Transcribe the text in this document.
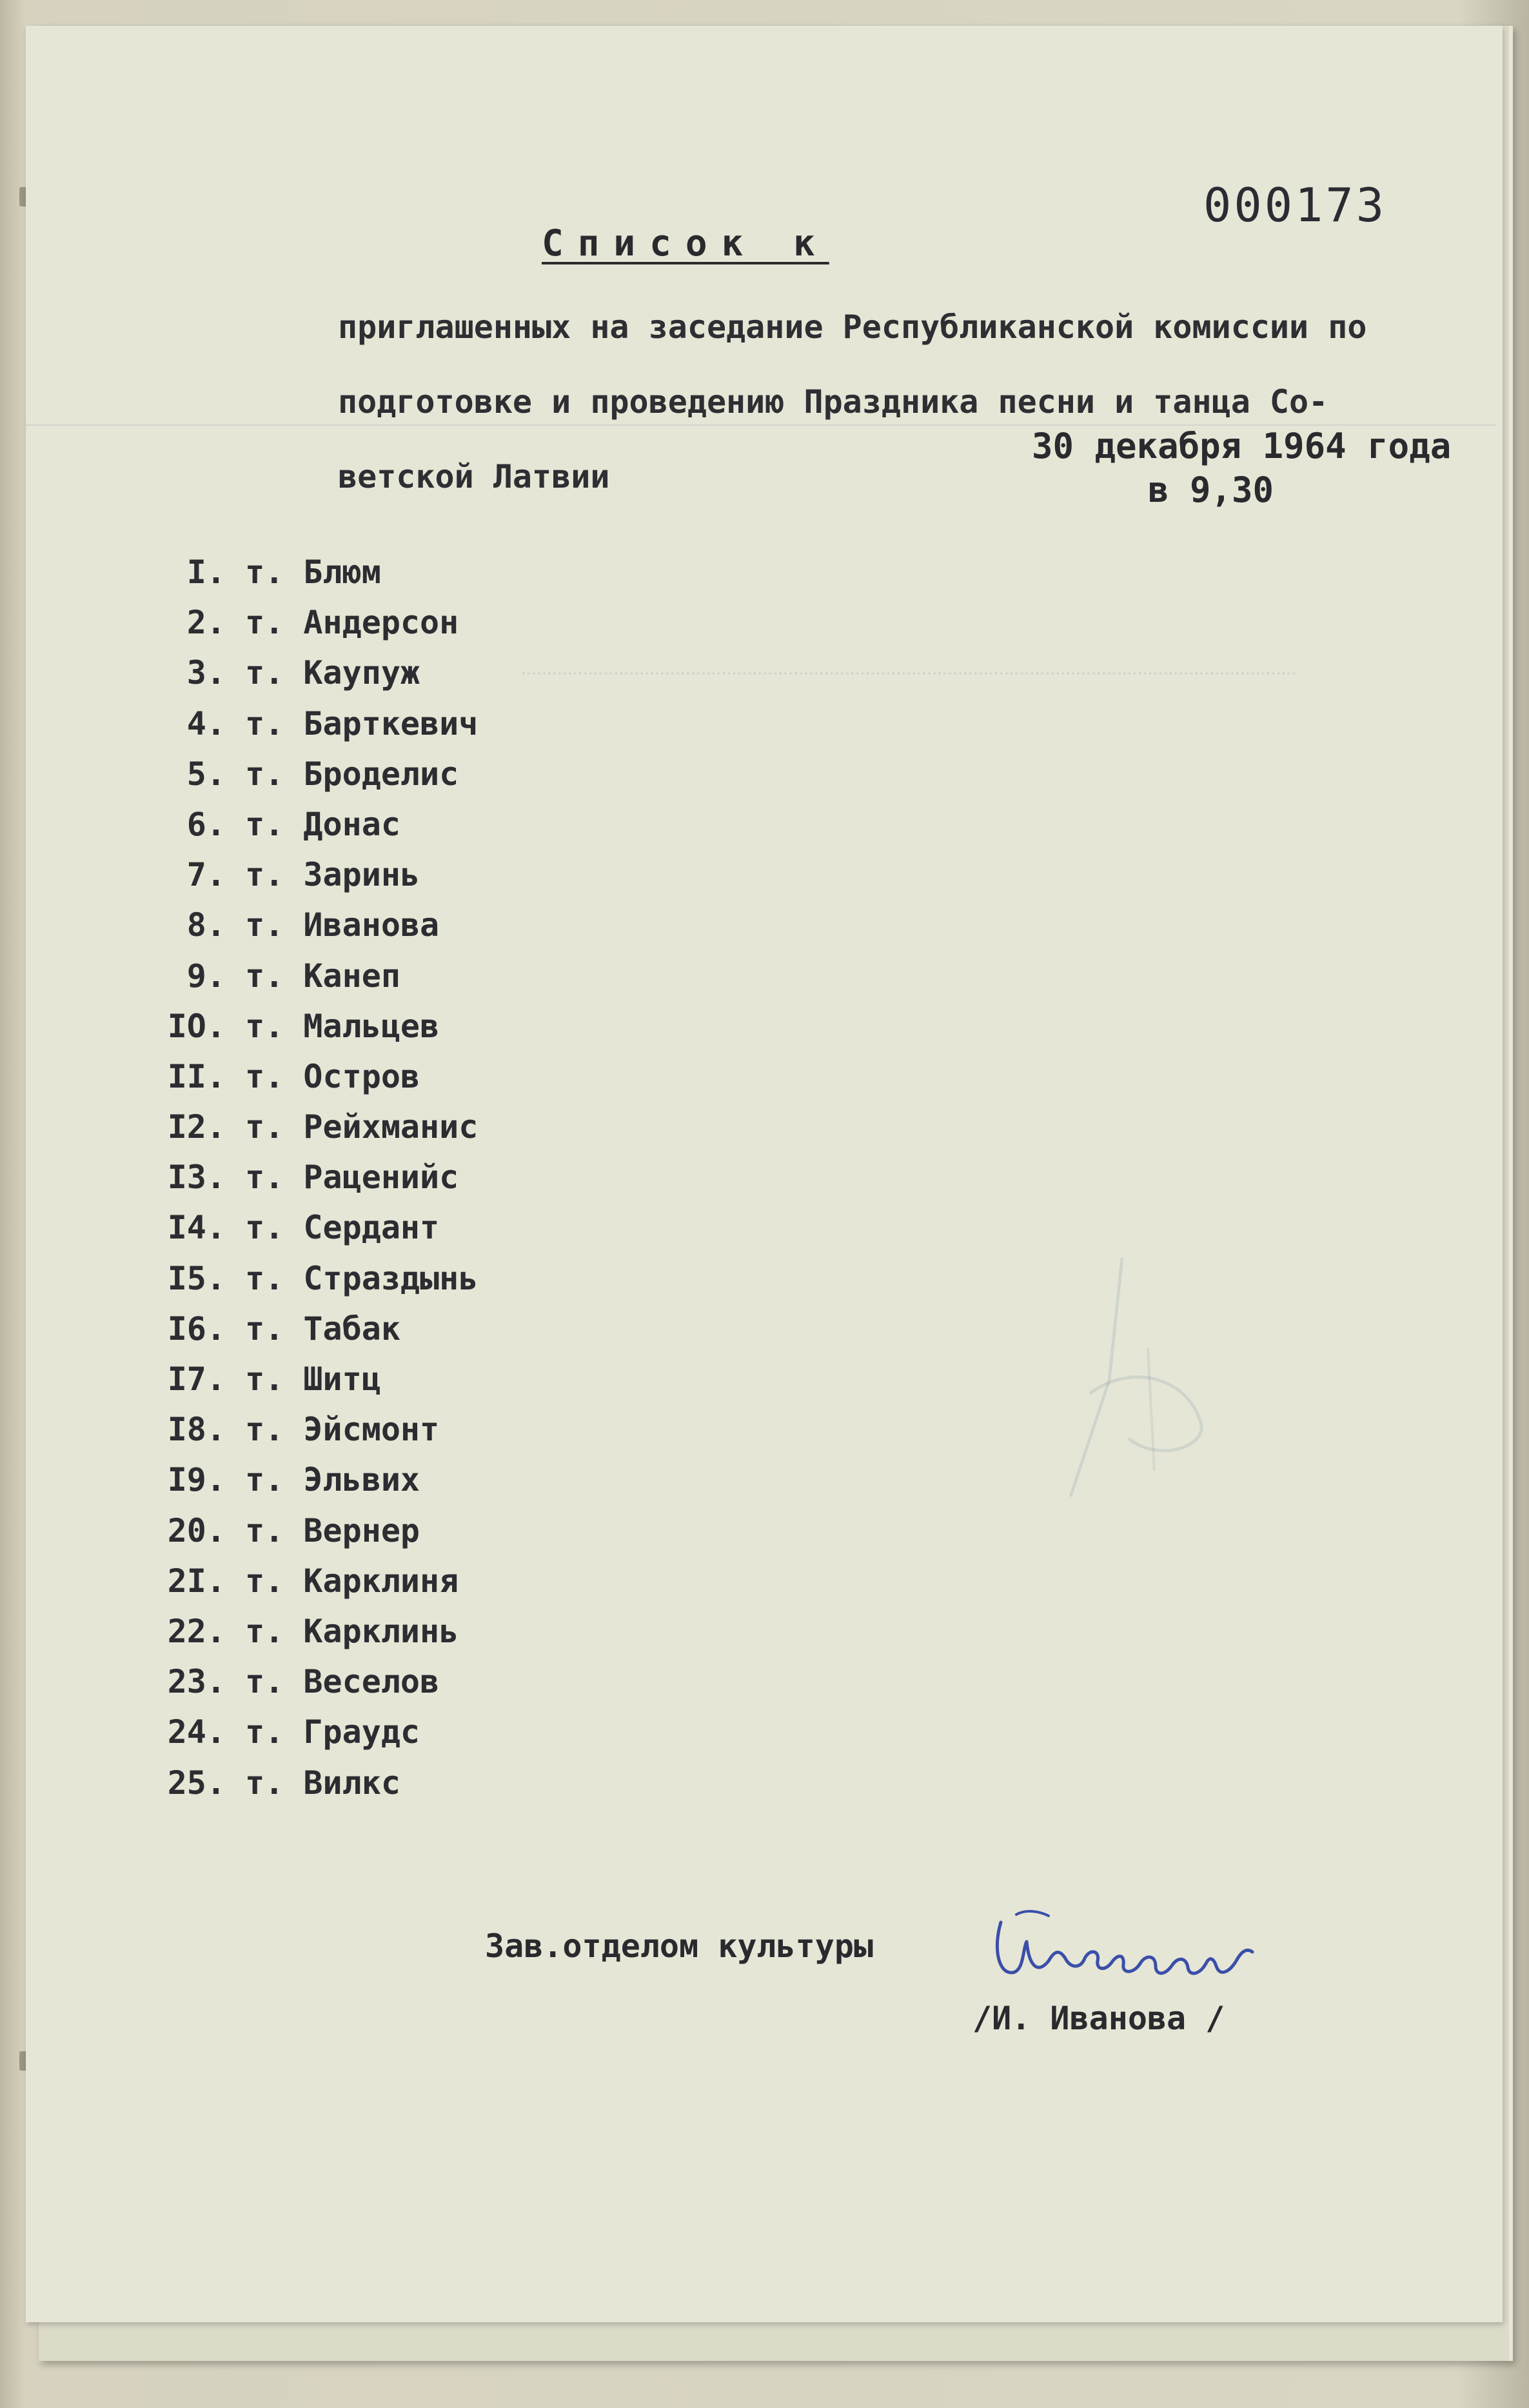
000173
Список к

приглашенных на заседание Республиканской комиссии по

подготовке и проведению Праздника песни и танца Со-

ветской Латвии

30 декабря 1964 года
в 9,30
I. т. Блюм
2. т. Андерсон
3. т. Каупуж
4. т. Барткевич
5. т. Броделис
6. т. Донас
7. т. Заринь
8. т. Иванова
9. т. Канеп
IO. т. Мальцев
II. т. Остров
I2. т. Рейхманис
I3. т. Раценийс
I4. т. Сердант
I5. т. Страздынь
I6. т. Табак
I7. т. Шитц
I8. т. Эйсмонт
I9. т. Эльвих
20. т. Вернер
2I. т. Карклиня
22. т. Карклинь
23. т. Веселов
24. т. Граудс
25. т. Вилкс
Зав.отделом культуры
/И. Иванова /
